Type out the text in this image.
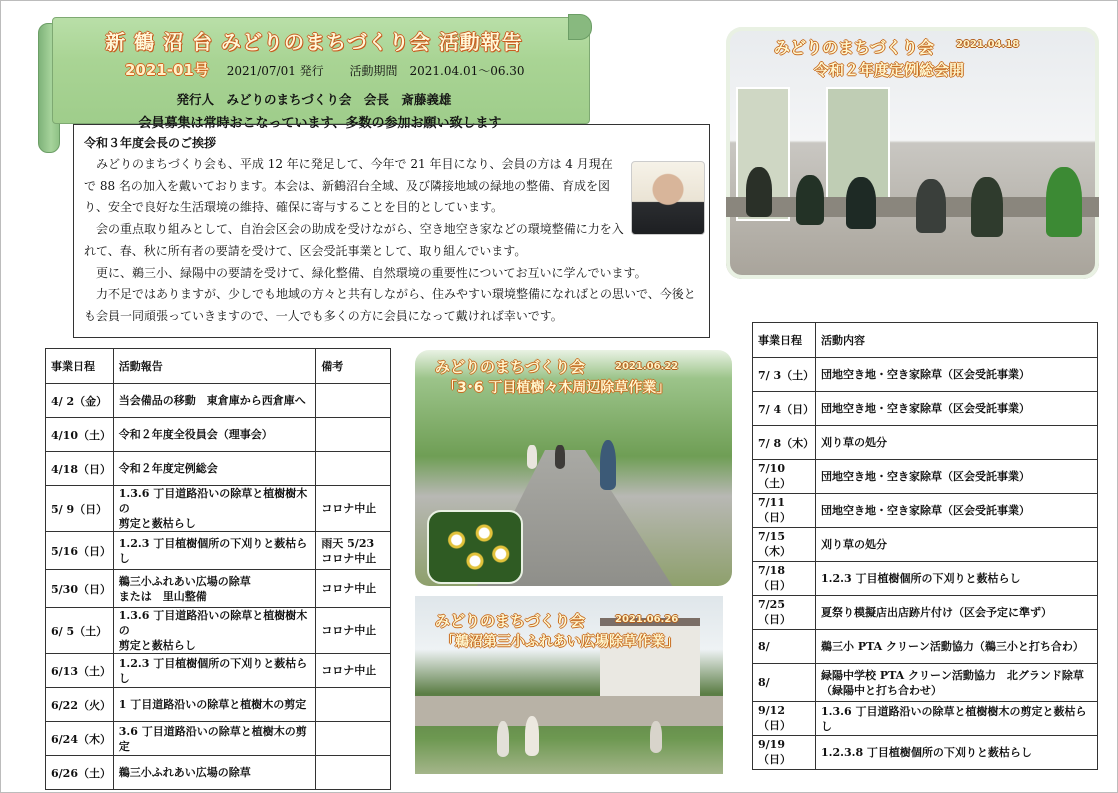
新 鶴 沼 台 みどりのまちづくり会 活動報告
2021-01号 2021/07/01 発行 活動期間　2021.04.01～06.30
発行人　みどりのまちづくり会　会長　斎藤義雄
会員募集は常時おこなっています、多数の参加お願い致します
令和３年度会長のご挨拶

　みどりのまちづくり会も、平成 12 年に発足して、今年で 21 年目になり、会員の方は 4 月現在で 88 名の加入を戴いております。本会は、新鶴沼台全域、及び隣接地域の緑地の整備、育成を図り、安全で良好な生活環境の維持、確保に寄与することを目的としています。

　会の重点取り組みとして、自治会区会の助成を受けながら、空き地空き家などの環境整備に力を入れて、春、秋に所有者の要請を受けて、区会受託事業として、取り組んでいます。

　更に、鵜三小、緑陽中の要請を受けて、緑化整備、自然環境の重要性についてお互いに学んでいます。

　力不足ではありますが、少しでも地域の方々と共有しながら、住みやすい環境整備になればとの思いで、今後とも会員一同頑張っていきますので、一人でも多くの方に会員になって戴ければ幸いです。

事業日程	活動報告	備考
4/ 2（金）	当会備品の移動　東倉庫から西倉庫へ	

4/10（土）	令和２年度全役員会（理事会）	

4/18（日）	令和２年度定例総会	

5/ 9（日）	1.3.6 丁目道路沿いの除草と植樹樹木の
剪定と薮枯らし	コロナ中止

5/16（日）	1.2.3 丁目植樹個所の下刈りと薮枯らし	雨天 5/23
コロナ中止

5/30（日）	鵜三小ふれあい広場の除草
または　里山整備	コロナ中止

6/ 5（土）	1.3.6 丁目道路沿いの除草と植樹樹木の
剪定と薮枯らし	コロナ中止

6/13（土）	1.2.3 丁目植樹個所の下刈りと薮枯らし	コロナ中止

6/22（火）	1 丁目道路沿いの除草と植樹木の剪定	

6/24（木）	3.6 丁目道路沿いの除草と植樹木の剪定	

6/26（土）	鵜三小ふれあい広場の除草	

事業日程	活動内容
7/ 3（土）	団地空き地・空き家除草（区会受託事業）

7/ 4（日）	団地空き地・空き家除草（区会受託事業）

7/ 8（木）	刈り草の処分

7/10（土）	団地空き地・空き家除草（区会受託事業）

7/11（日）	団地空き地・空き家除草（区会受託事業）

7/15（木）	刈り草の処分

7/18（日）	1.2.3 丁目植樹個所の下刈りと薮枯らし

7/25（日）	夏祭り模擬店出店跡片付け（区会予定に準ず）

8/	鵜三小 PTA クリーン活動協力（鵜三小と打ち合わ）

8/	緑陽中学校 PTA クリーン活動協力　北グランド除草
（緑陽中と打ち合わせ）

9/12（日）	1.3.6 丁目道路沿いの除草と植樹樹木の剪定と薮枯らし

9/19（日）	1.2.3.8 丁目植樹個所の下刈りと薮枯らし
みどりのまちづくり会 2021.04.18
令和２年度定例総会開
みどりのまちづくり会	2021.06.22
「3･6 丁目植樹々木周辺除草作業」
みどりのまちづくり会	2021.06.26
「鵜沼第三小ふれあい広場除草作業」
